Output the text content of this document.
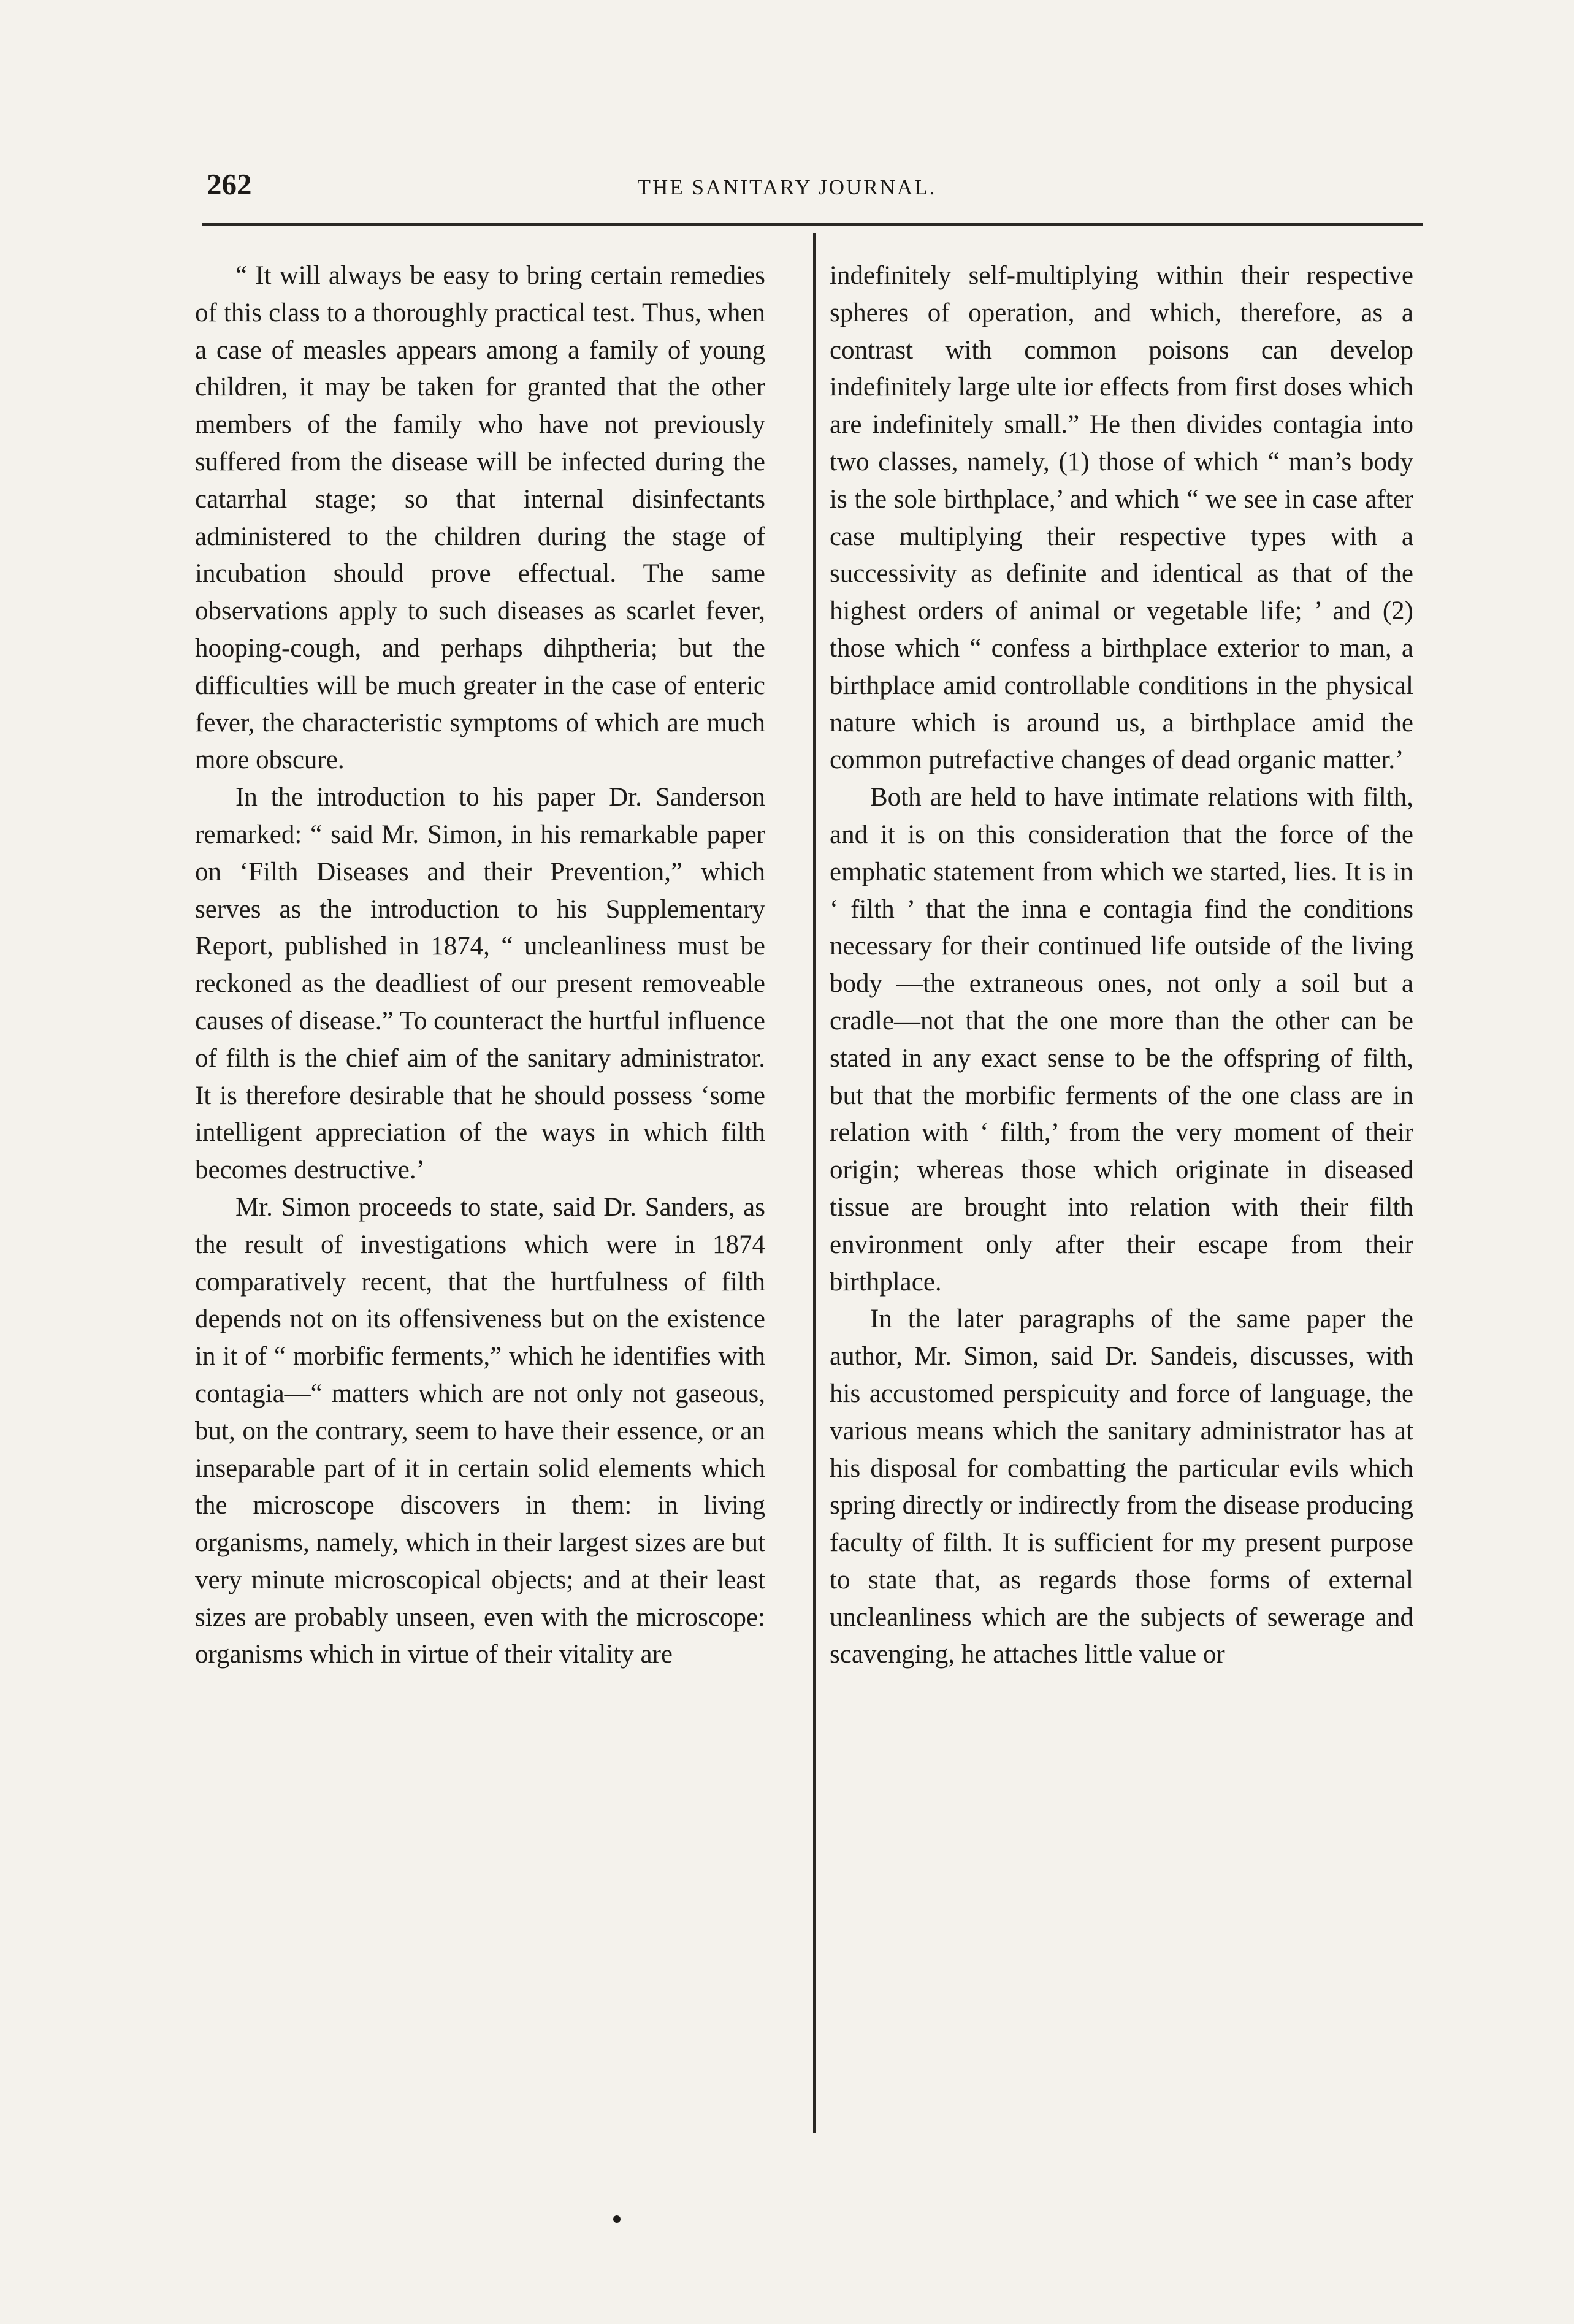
262	THE SANITARY JOURNAL.

“ It will always be easy to bring certain remedies of this class to a thoroughly practical test. Thus, when a case of measles appears among a family of young children, it may be taken for granted that the other members of the family who have not previously suffered from the disease will be infected during the catarrhal stage; so that internal disinfectants administered to the children during the stage of incubation should prove effectual. The same observations apply to such diseases as scarlet fever, hooping-cough, and perhaps dihptheria; but the difficulties will be much greater in the case of enteric fever, the characteristic symptoms of which are much more obscure.

In the introduction to his paper Dr. Sanderson remarked: “ said Mr. Simon, in his remarkable paper on ‘Filth Diseases and their Prevention,” which serves as the introduction to his Supplementary Report, published in 1874, “ uncleanliness must be reckoned as the deadliest of our present removeable causes of disease.” To counteract the hurtful influence of filth is the chief aim of the sanitary administrator. It is therefore desirable that he should possess ‘some intelligent appreciation of the ways in which filth becomes destructive.’

Mr. Simon proceeds to state, said Dr. Sanders, as the result of investigations which were in 1874 comparatively recent, that the hurtfulness of filth depends not on its offensiveness but on the existence in it of “ morbific ferments,” which he identifies with contagia—“ matters which are not only not gaseous, but, on the contrary, seem to have their essence, or an inseparable part of it in certain solid elements which the microscope discovers in them: in living organisms, namely, which in their largest sizes are but very minute microscopical objects; and at their least sizes are probably unseen, even with the microscope: organisms which in virtue of their vitality are

indefinitely self-multiplying within their respective spheres of operation, and which, therefore, as a contrast with common poisons can develop indefinitely large ulte ior effects from first doses which are indefinitely small.” He then divides contagia into two classes, namely, (1) those of which “ man’s body is the sole birthplace,’ and which “ we see in case after case multiplying their respective types with a successivity as definite and identical as that of the highest orders of animal or vegetable life; ’ and (2) those which “ confess a birthplace exterior to man, a birthplace amid controllable conditions in the physical nature which is around us, a birthplace amid the common putrefactive changes of dead organic matter.’

Both are held to have intimate relations with filth, and it is on this consideration that the force of the emphatic statement from which we started, lies. It is in ‘ filth ’ that the inna e contagia find the conditions necessary for their continued life outside of the living body —the extraneous ones, not only a soil but a cradle—not that the one more than the other can be stated in any exact sense to be the offspring of filth, but that the morbific ferments of the one class are in relation with ‘ filth,’ from the very moment of their origin; whereas those which originate in diseased tissue are brought into relation with their filth environment only after their escape from their birthplace.

In the later paragraphs of the same paper the author, Mr. Simon, said Dr. Sandeis, discusses, with his accustomed perspicuity and force of language, the various means which the sanitary administrator has at his disposal for combatting the particular evils which spring directly or indirectly from the disease producing faculty of filth. It is sufficient for my present purpose to state that, as regards those forms of external uncleanliness which are the subjects of sewerage and scavenging, he attaches little value or
